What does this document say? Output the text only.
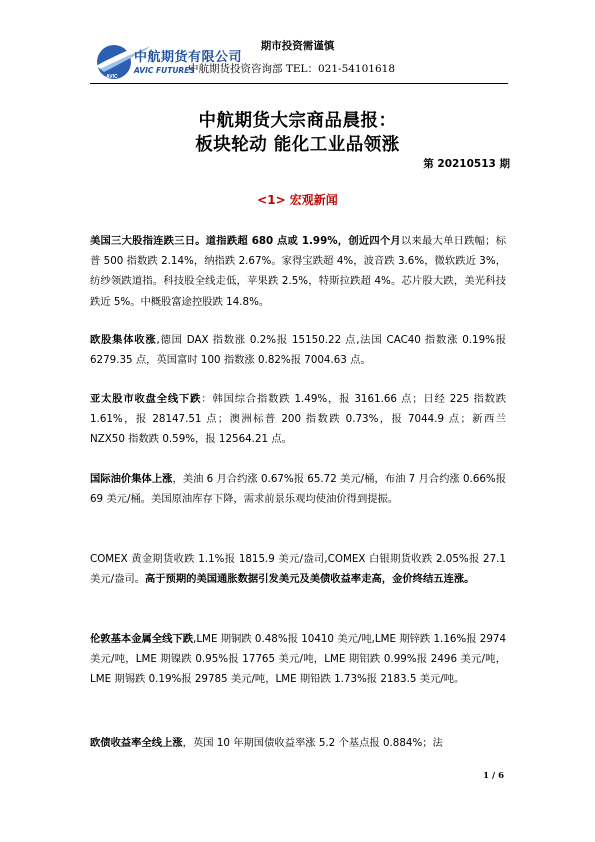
AVIC
中航期货有限公司
AVIC FUTURES
期市投资需谨慎
中航期货投资咨询部 TEL：021-54101618
中航期货大宗商品晨报：
板块轮动 能化工业品领涨
第 20210513 期
<1> 宏观新闻
美国三大股指连跌三日。道指跌超 680 点或 1.99%，创近四个月以来最大单日跌幅；标普 500 指数跌 2.14%，纳指跌 2.67%。家得宝跌超 4%，波音跌 3.6%，微软跌近 3%，纺纱领跌道指。科技股全线走低，苹果跌 2.5%，特斯拉跌超 4%。芯片股大跌，美光科技跌近 5%。中概股富途控股跌 14.8%。
欧股集体收涨,德国 DAX 指数涨 0.2%报 15150.22 点,法国 CAC40 指数涨 0.19%报 6279.35 点，英国富时 100 指数涨 0.82%报 7004.63 点。
亚太股市收盘全线下跌：韩国综合指数跌 1.49%，报 3161.66 点；日经 225 指数跌 1.61%，报 28147.51 点；澳洲标普 200 指数跌 0.73%，报 7044.9 点；新西兰 NZX50 指数跌 0.59%，报 12564.21 点。
国际油价集体上涨，美油 6 月合约涨 0.67%报 65.72 美元/桶，布油 7 月合约涨 0.66%报 69 美元/桶。美国原油库存下降，需求前景乐观均使油价得到提振。
COMEX 黄金期货收跌 1.1%报 1815.9 美元/盎司,COMEX 白银期货收跌 2.05%报 27.1 美元/盎司。高于预期的美国通胀数据引发美元及美债收益率走高，金价终结五连涨。
伦敦基本金属全线下跌,LME 期铜跌 0.48%报 10410 美元/吨,LME 期锌跌 1.16%报 2974 美元/吨，LME 期镍跌 0.95%报 17765 美元/吨，LME 期铝跌 0.99%报 2496 美元/吨，LME 期锡跌 0.19%报 29785 美元/吨，LME 期铅跌 1.73%报 2183.5 美元/吨。
欧债收益率全线上涨，英国 10 年期国债收益率涨 5.2 个基点报 0.884%；法
1 / 6
